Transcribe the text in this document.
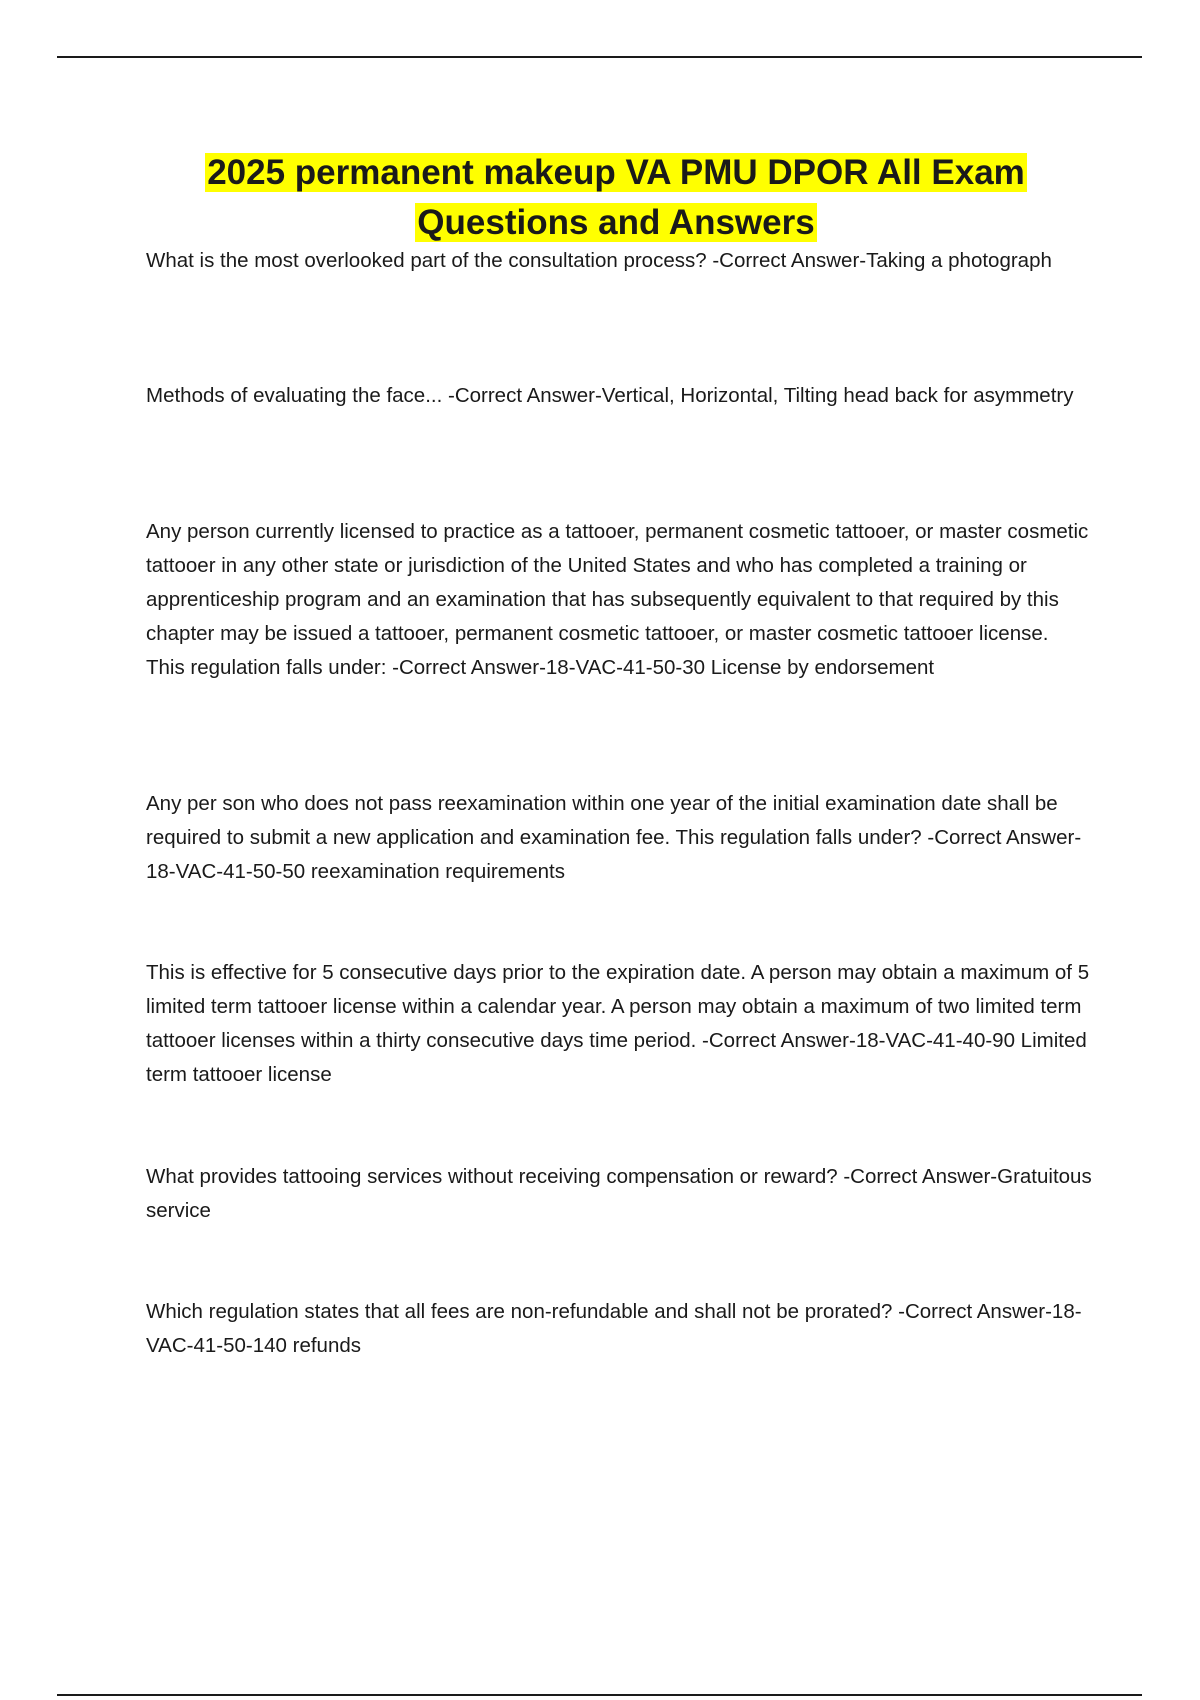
2025 permanent makeup VA PMU DPOR All Exam Questions and Answers
What is the most overlooked part of the consultation process? -Correct Answer-Taking a photograph
Methods of evaluating the face... -Correct Answer-Vertical, Horizontal, Tilting head back for asymmetry
Any person currently licensed to practice as a tattooer, permanent cosmetic tattooer, or master cosmetic tattooer in any other state or jurisdiction of the United States and who has completed a training or apprenticeship program and an examination that has subsequently equivalent to that required by this chapter may be issued a tattooer, permanent cosmetic tattooer, or master cosmetic tattooer license. This regulation falls under: -Correct Answer-18-VAC-41-50-30 License by endorsement
Any per son who does not pass reexamination within one year of the initial examination date shall be required to submit a new application and examination fee. This regulation falls under? -Correct Answer-18-VAC-41-50-50 reexamination requirements
This is effective for 5 consecutive days prior to the expiration date. A person may obtain a maximum of 5 limited term tattooer license within a calendar year. A person may obtain a maximum of two limited term tattooer licenses within a thirty consecutive days time period. -Correct Answer-18-VAC-41-40-90 Limited term tattooer license
What provides tattooing services without receiving compensation or reward? -Correct Answer-Gratuitous service
Which regulation states that all fees are non-refundable and shall not be prorated? -Correct Answer-18-VAC-41-50-140 refunds
